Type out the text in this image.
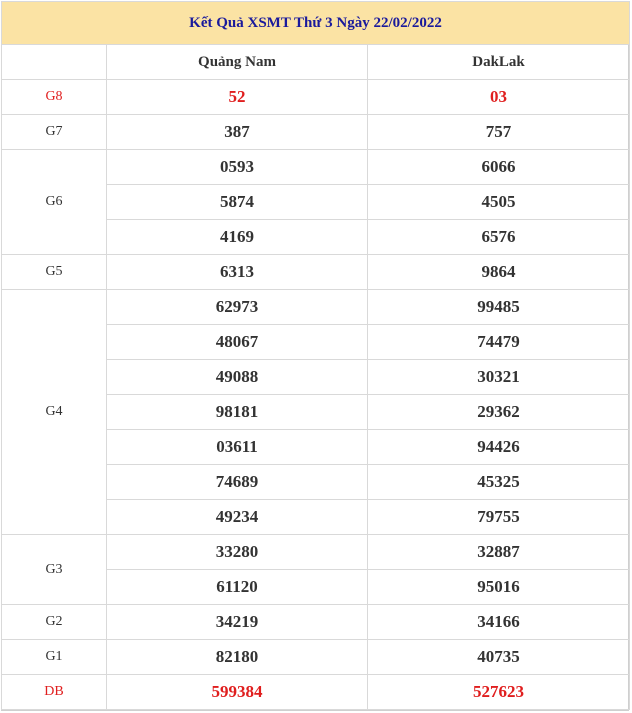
Kết Quả XSMT Thứ 3 Ngày 22/02/2022		
	Quảng Nam	DakLak
G8	52	03
G7	387	757
G6	0593	6066
	5874	4505
	4169	6576
G5	6313	9864
G4	62973	99485
	48067	74479
	49088	30321
	98181	29362
	03611	94426
	74689	45325
	49234	79755
G3	33280	32887
	61120	95016
G2	34219	34166
G1	82180	40735
DB	599384	527623
